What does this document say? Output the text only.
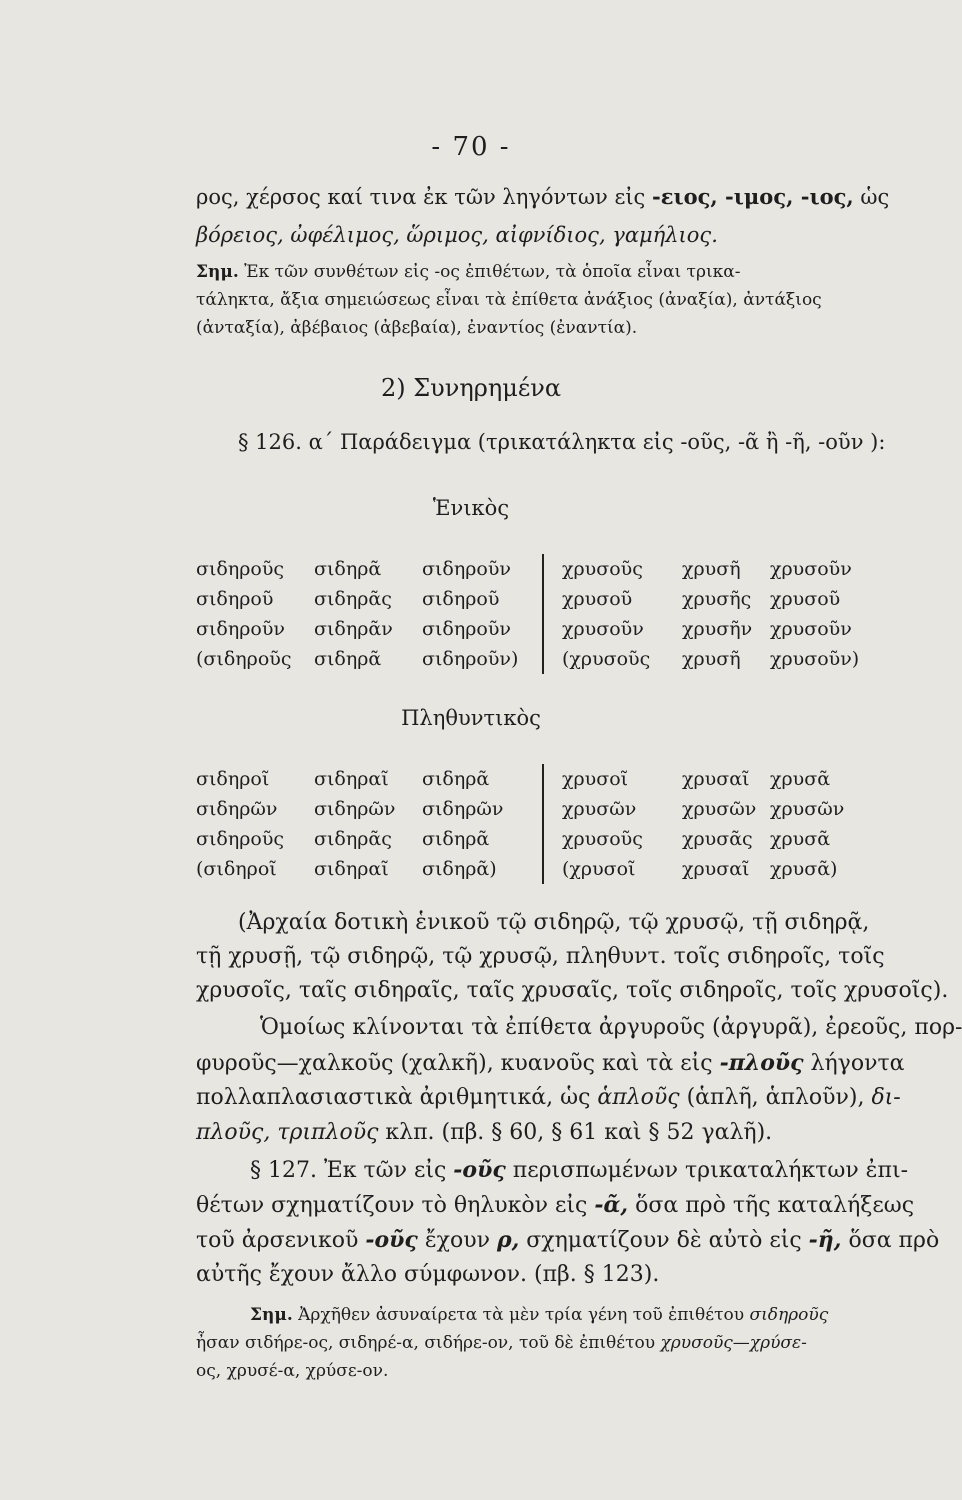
- 70 -
ρος, χέρσος καί τινα ἐκ τῶν ληγόντων εἰς -ειος, -ιμος, -ιος, ὡς
βόρειος, ὠφέλιμος, ὥριμος, αἰφνίδιος, γαμήλιος.
Σημ. Ἐκ τῶν συνθέτων εἰς -ος ἐπιθέτων, τὰ ὁποῖα εἶναι τρικα-
τάληκτα, ἄξια σημειώσεως εἶναι τὰ ἐπίθετα ἀνάξιος (ἀναξία), ἀντάξιος
(ἀνταξία), ἀβέβαιος (ἀβεβαία), ἐναντίος (ἐναντία).
2) Συνηρημένα
§ 126. α΄ Παράδειγμα (τρικατάληκτα εἰς -οῦς, -ᾶ ἢ -ῆ, -οῦν ):
Ἑνικὸς
σιδηροῦς	σιδηρᾶ	σιδηροῦν	χρυσοῦς	χρυσῆ	χρυσοῦν
σιδηροῦ	σιδηρᾶς	σιδηροῦ	χρυσοῦ	χρυσῆς	χρυσοῦ
σιδηροῦν	σιδηρᾶν	σιδηροῦν	χρυσοῦν	χρυσῆν	χρυσοῦν
(σιδηροῦς	σιδηρᾶ	σιδηροῦν)	(χρυσοῦς	χρυσῆ	χρυσοῦν)
Πληθυντικὸς
σιδηροῖ	σιδηραῖ	σιδηρᾶ	χρυσοῖ	χρυσαῖ	χρυσᾶ
σιδηρῶν	σιδηρῶν	σιδηρῶν	χρυσῶν	χρυσῶν	χρυσῶν
σιδηροῦς	σιδηρᾶς	σιδηρᾶ	χρυσοῦς	χρυσᾶς	χρυσᾶ
(σιδηροῖ	σιδηραῖ	σιδηρᾶ)	(χρυσοῖ	χρυσαῖ	χρυσᾶ)
(Ἀρχαία δοτικὴ ἑνικοῦ τῷ σιδηρῷ, τῷ χρυσῷ, τῇ σιδηρᾷ,
τῇ χρυσῇ, τῷ σιδηρῷ, τῷ χρυσῷ, πληθυντ. τοῖς σιδηροῖς, τοῖς
χρυσοῖς, ταῖς σιδηραῖς, ταῖς χρυσαῖς, τοῖς σιδηροῖς, τοῖς χρυσοῖς).
Ὁμοίως κλίνονται τὰ ἐπίθετα ἀργυροῦς (ἀργυρᾶ), ἐρεοῦς, πορ-
φυροῦς—χαλκοῦς (χαλκῆ), κυανοῦς καὶ τὰ εἰς -πλοῦς λήγοντα
πολλαπλασιαστικὰ ἀριθμητικά, ὡς ἁπλοῦς (ἁπλῆ, ἁπλοῦν), δι-
πλοῦς, τριπλοῦς κλπ. (πβ. § 60, § 61 καὶ § 52 γαλῆ).
§ 127. Ἐκ τῶν εἰς -οῦς περισπωμένων τρικαταλήκτων ἐπι-
θέτων σχηματίζουν τὸ θηλυκὸν εἰς -ᾶ, ὅσα πρὸ τῆς καταλήξεως
τοῦ ἀρσενικοῦ -οῦς ἔχουν ρ, σχηματίζουν δὲ αὐτὸ εἰς -ῆ, ὅσα πρὸ
αὐτῆς ἔχουν ἄλλο σύμφωνον. (πβ. § 123).
Σημ. Ἀρχῆθεν ἀσυναίρετα τὰ μὲν τρία γένη τοῦ ἐπιθέτου σιδηροῦς
ἦσαν σιδήρε-ος, σιδηρέ-α, σιδήρε-ον, τοῦ δὲ ἐπιθέτου χρυσοῦς—χρύσε-
ος, χρυσέ-α, χρύσε-ον.
